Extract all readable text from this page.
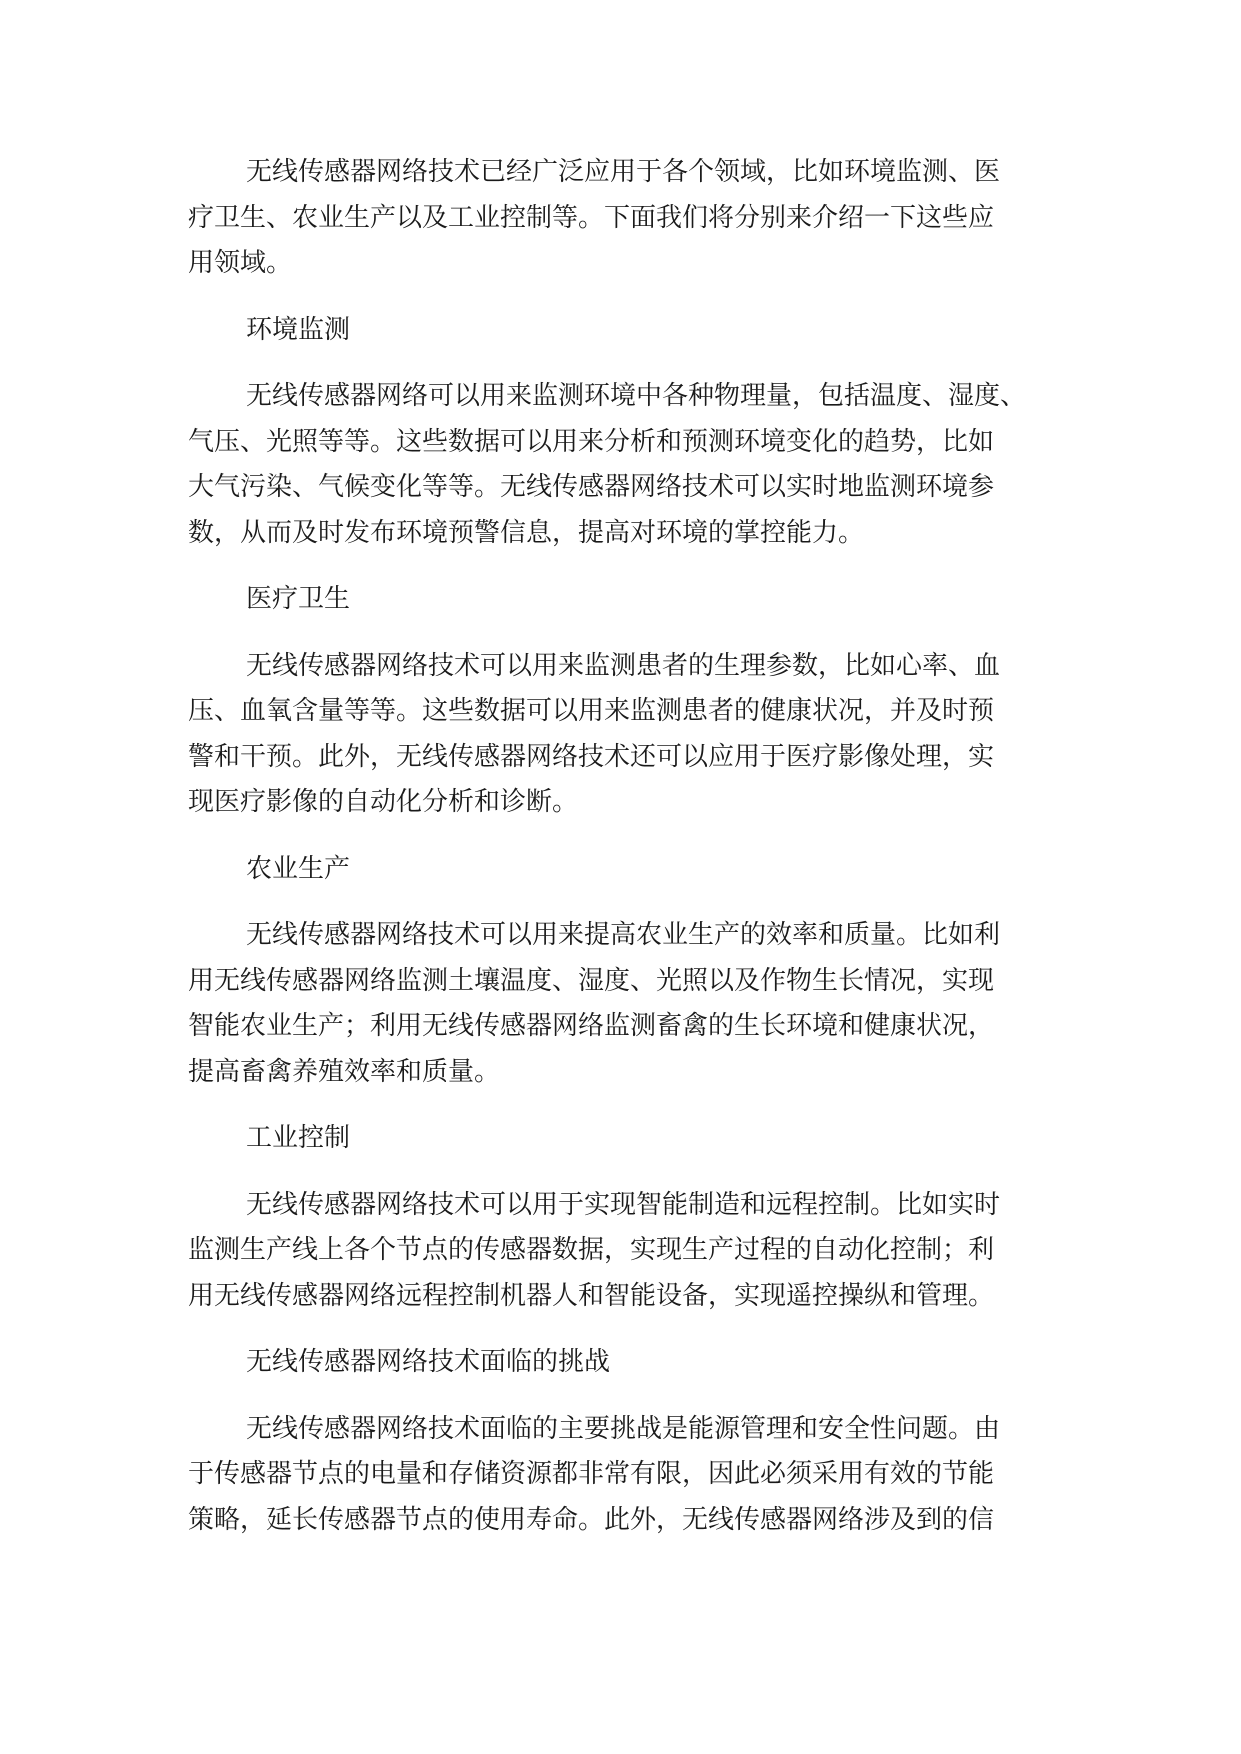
无线传感器网络技术已经广泛应用于各个领域，比如环境监测、医
疗卫生、农业生产以及工业控制等。下面我们将分别来介绍一下这些应
用领域。
环境监测
无线传感器网络可以用来监测环境中各种物理量，包括温度、湿度、
气压、光照等等。这些数据可以用来分析和预测环境变化的趋势，比如
大气污染、气候变化等等。无线传感器网络技术可以实时地监测环境参
数，从而及时发布环境预警信息，提高对环境的掌控能力。
医疗卫生
无线传感器网络技术可以用来监测患者的生理参数，比如心率、血
压、血氧含量等等。这些数据可以用来监测患者的健康状况，并及时预
警和干预。此外，无线传感器网络技术还可以应用于医疗影像处理，实
现医疗影像的自动化分析和诊断。
农业生产
无线传感器网络技术可以用来提高农业生产的效率和质量。比如利
用无线传感器网络监测土壤温度、湿度、光照以及作物生长情况，实现
智能农业生产；利用无线传感器网络监测畜禽的生长环境和健康状况，
提高畜禽养殖效率和质量。
工业控制
无线传感器网络技术可以用于实现智能制造和远程控制。比如实时
监测生产线上各个节点的传感器数据，实现生产过程的自动化控制；利
用无线传感器网络远程控制机器人和智能设备，实现遥控操纵和管理。
无线传感器网络技术面临的挑战
无线传感器网络技术面临的主要挑战是能源管理和安全性问题。由
于传感器节点的电量和存储资源都非常有限，因此必须采用有效的节能
策略，延长传感器节点的使用寿命。此外，无线传感器网络涉及到的信
